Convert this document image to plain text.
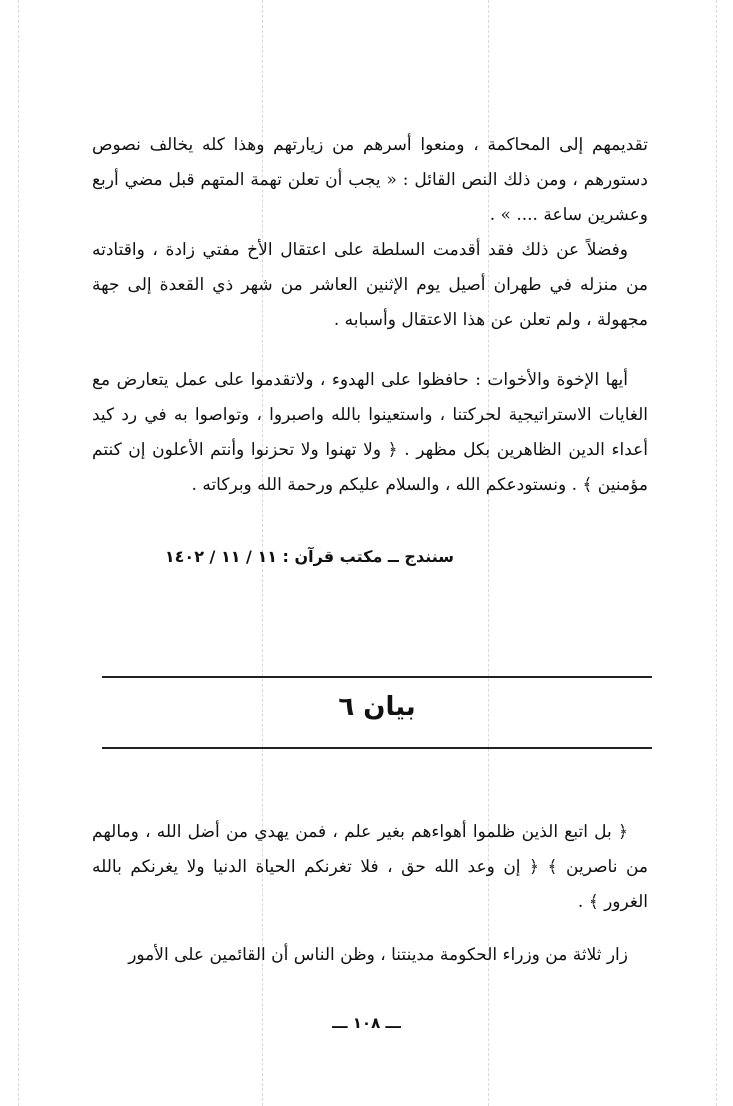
تقديمهم إلى المحاكمة ، ومنعوا أسرهم من زيارتهم وهذا كله يخالف نصوص دستورهم ، ومن ذلك النص القائل : « يجب أن تعلن تهمة المتهم قبل مضي أربع وعشرين ساعة .... » .

وفضلاً عن ذلك فقد أقدمت السلطة على اعتقال الأخ مفتي زادة ، واقتادته من منزله في طهران أصيل يوم الإثنين العاشر من شهر ذي القعدة إلى جهة مجهولة ، ولم تعلن عن هذا الاعتقال وأسبابه .

أيها الإخوة والأخوات : حافظوا على الهدوء ، ولاتقدموا على عمل يتعارض مع الغايات الاستراتيجية لحركتنا ، واستعينوا بالله واصبروا ، وتواصوا به في رد كيد أعداء الدين الظاهرين بكل مظهر . ﴿ ولا تهنوا ولا تحزنوا وأنتم الأعلون إن كنتم مؤمنين ﴾ . ونستودعكم الله ، والسلام عليكم ورحمة الله وبركاته .

سنندج ــ مكتب قرآن : ١١ / ١١ / ١٤٠٢
بيان ٦

﴿ بل اتبع الذين ظلموا أهواءهم بغير علم ، فمن يهدي من أضل الله ، ومالهم من ناصرين ﴾ ﴿ إن وعد الله حق ، فلا تغرنكم الحياة الدنيا ولا يغرنكم بالله الغرور ﴾ .

زار ثلاثة من وزراء الحكومة مدينتنا ، وظن الناس أن القائمين على الأمور

ـــ ١٠٨ ـــ
